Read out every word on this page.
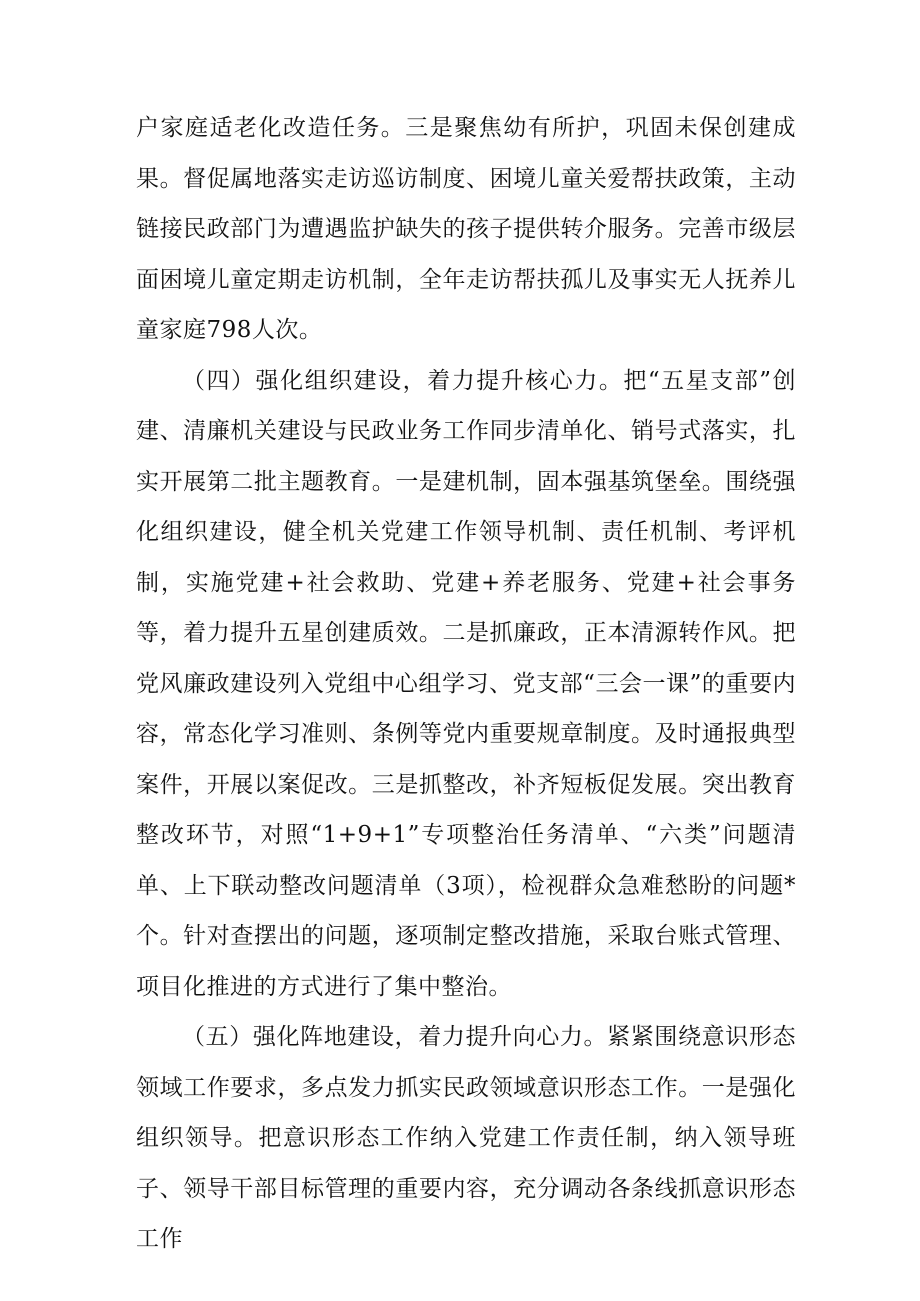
户家庭适老化改造任务。三是聚焦幼有所护，巩固未保创建成果。督促属地落实走访巡访制度、困境儿童关爱帮扶政策，主动链接民政部门为遭遇监护缺失的孩子提供转介服务。完善市级层面困境儿童定期走访机制，全年走访帮扶孤儿及事实无人抚养儿童家庭798人次。

（四）强化组织建设，着力提升核心力。把“五星支部”创建、清廉机关建设与民政业务工作同步清单化、销号式落实，扎实开展第二批主题教育。一是建机制，固本强基筑堡垒。围绕强化组织建设，健全机关党建工作领导机制、责任机制、考评机制，实施党建+社会救助、党建+养老服务、党建+社会事务等，着力提升五星创建质效。二是抓廉政，正本清源转作风。把党风廉政建设列入党组中心组学习、党支部“三会一课”的重要内容，常态化学习准则、条例等党内重要规章制度。及时通报典型案件，开展以案促改。三是抓整改，补齐短板促发展。突出教育整改环节，对照“1+9+1”专项整治任务清单、“六类”问题清单、上下联动整改问题清单（3项），检视群众急难愁盼的问题*个。针对查摆出的问题，逐项制定整改措施，采取台账式管理、项目化推进的方式进行了集中整治。

（五）强化阵地建设，着力提升向心力。紧紧围绕意识形态领域工作要求，多点发力抓实民政领域意识形态工作。一是强化组织领导。把意识形态工作纳入党建工作责任制，纳入领导班子、领导干部目标管理的重要内容，充分调动各条线抓意识形态工作
